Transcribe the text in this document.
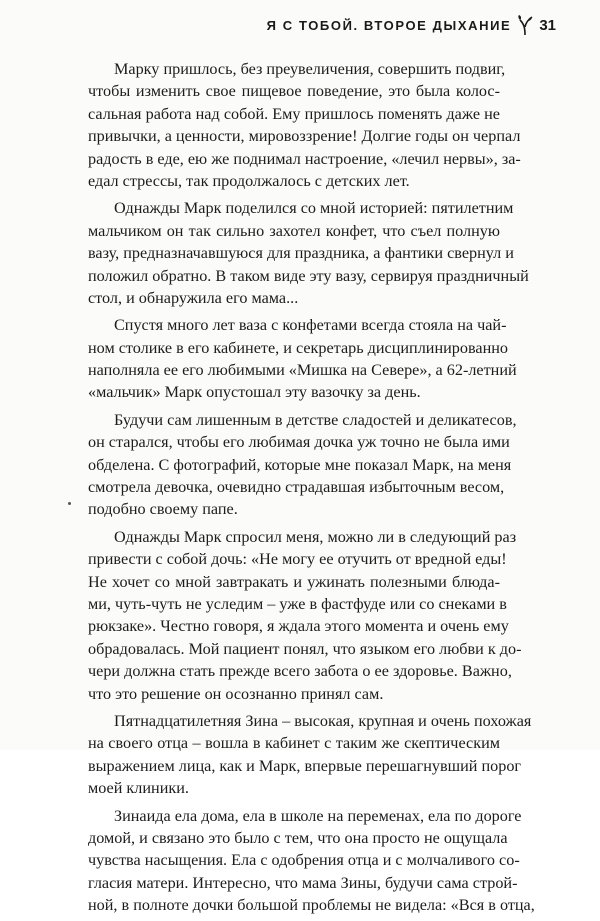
Я С ТОБОЙ. ВТОРОЕ ДЫХАНИЕ 31
Марку пришлось, без преувеличения, совершить подвиг,
чтобы изменить свое пищевое поведение, это была колос-
сальная работа над собой. Ему пришлось поменять даже не
привычки, а ценности, мировоззрение! Долгие годы он черпал
радость в еде, ею же поднимал настроение, «лечил нервы», за-
едал стрессы, так продолжалось с детских лет.
Однажды Марк поделился со мной историей: пятилетним
мальчиком он так сильно захотел конфет, что съел полную
вазу, предназначавшуюся для праздника, а фантики свернул и
положил обратно. В таком виде эту вазу, сервируя праздничный
стол, и обнаружила его мама...
Спустя много лет ваза с конфетами всегда стояла на чай-
ном столике в его кабинете, и секретарь дисциплинированно
наполняла ее его любимыми «Мишка на Севере», а 62-летний
«мальчик» Марк опустошал эту вазочку за день.
Будучи сам лишенным в детстве сладостей и деликатесов,
он старался, чтобы его любимая дочка уж точно не была ими
обделена. С фотографий, которые мне показал Марк, на меня
смотрела девочка, очевидно страдавшая избыточным весом,
подобно своему папе.
Однажды Марк спросил меня, можно ли в следующий раз
привести с собой дочь: «Не могу ее отучить от вредной еды!
Не хочет со мной завтракать и ужинать полезными блюда-
ми, чуть-чуть не уследим – уже в фастфуде или со снеками в
рюкзаке». Честно говоря, я ждала этого момента и очень ему
обрадовалась. Мой пациент понял, что языком его любви к до-
чери должна стать прежде всего забота о ее здоровье. Важно,
что это решение он осознанно принял сам.
Пятнадцатилетняя Зина – высокая, крупная и очень похожая
на своего отца – вошла в кабинет с таким же скептическим
выражением лица, как и Марк, впервые перешагнувший порог
моей клиники.
Зинаида ела дома, ела в школе на переменах, ела по дороге
домой, и связано это было с тем, что она просто не ощущала
чувства насыщения. Ела с одобрения отца и с молчаливого со-
гласия матери. Интересно, что мама Зины, будучи сама строй-
ной, в полноте дочки большой проблемы не видела: «Вся в отца,
